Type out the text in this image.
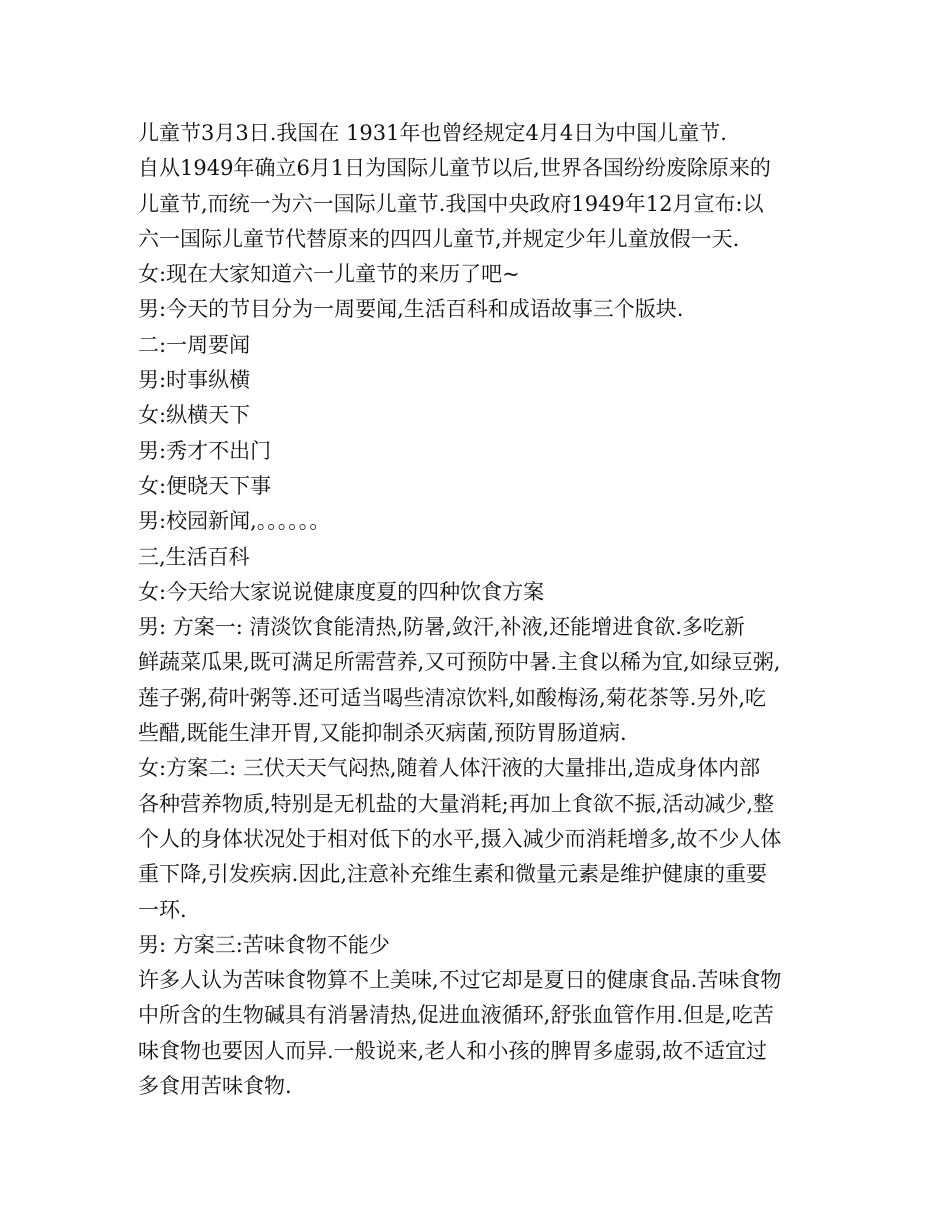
儿童节3月3日.我国在 1931年也曾经规定4月4日为中国儿童节.
自从1949年确立6月1日为国际儿童节以后,世界各国纷纷废除原来的
儿童节,而统一为六一国际儿童节.我国中央政府1949年12月宣布:以
六一国际儿童节代替原来的四四儿童节,并规定少年儿童放假一天.
女:现在大家知道六一儿童节的来历了吧~
男:今天的节目分为一周要闻,生活百科和成语故事三个版块.
二:一周要闻
男:时事纵横
女:纵横天下
男:秀才不出门
女:便晓天下事
男:校园新闻,。。。。。。
三,生活百科
女:今天给大家说说健康度夏的四种饮食方案
男: 方案一: 清淡饮食能清热,防暑,敛汗,补液,还能增进食欲.多吃新
鲜蔬菜瓜果,既可满足所需营养,又可预防中暑.主食以稀为宜,如绿豆粥,
莲子粥,荷叶粥等.还可适当喝些清凉饮料,如酸梅汤,菊花茶等.另外,吃
些醋,既能生津开胃,又能抑制杀灭病菌,预防胃肠道病.
女:方案二: 三伏天天气闷热,随着人体汗液的大量排出,造成身体内部
各种营养物质,特别是无机盐的大量消耗;再加上食欲不振,活动减少,整
个人的身体状况处于相对低下的水平,摄入减少而消耗增多,故不少人体
重下降,引发疾病.因此,注意补充维生素和微量元素是维护健康的重要
一环.
男: 方案三:苦味食物不能少
许多人认为苦味食物算不上美味,不过它却是夏日的健康食品.苦味食物
中所含的生物碱具有消暑清热,促进血液循环,舒张血管作用.但是,吃苦
味食物也要因人而异.一般说来,老人和小孩的脾胃多虚弱,故不适宜过
多食用苦味食物.
